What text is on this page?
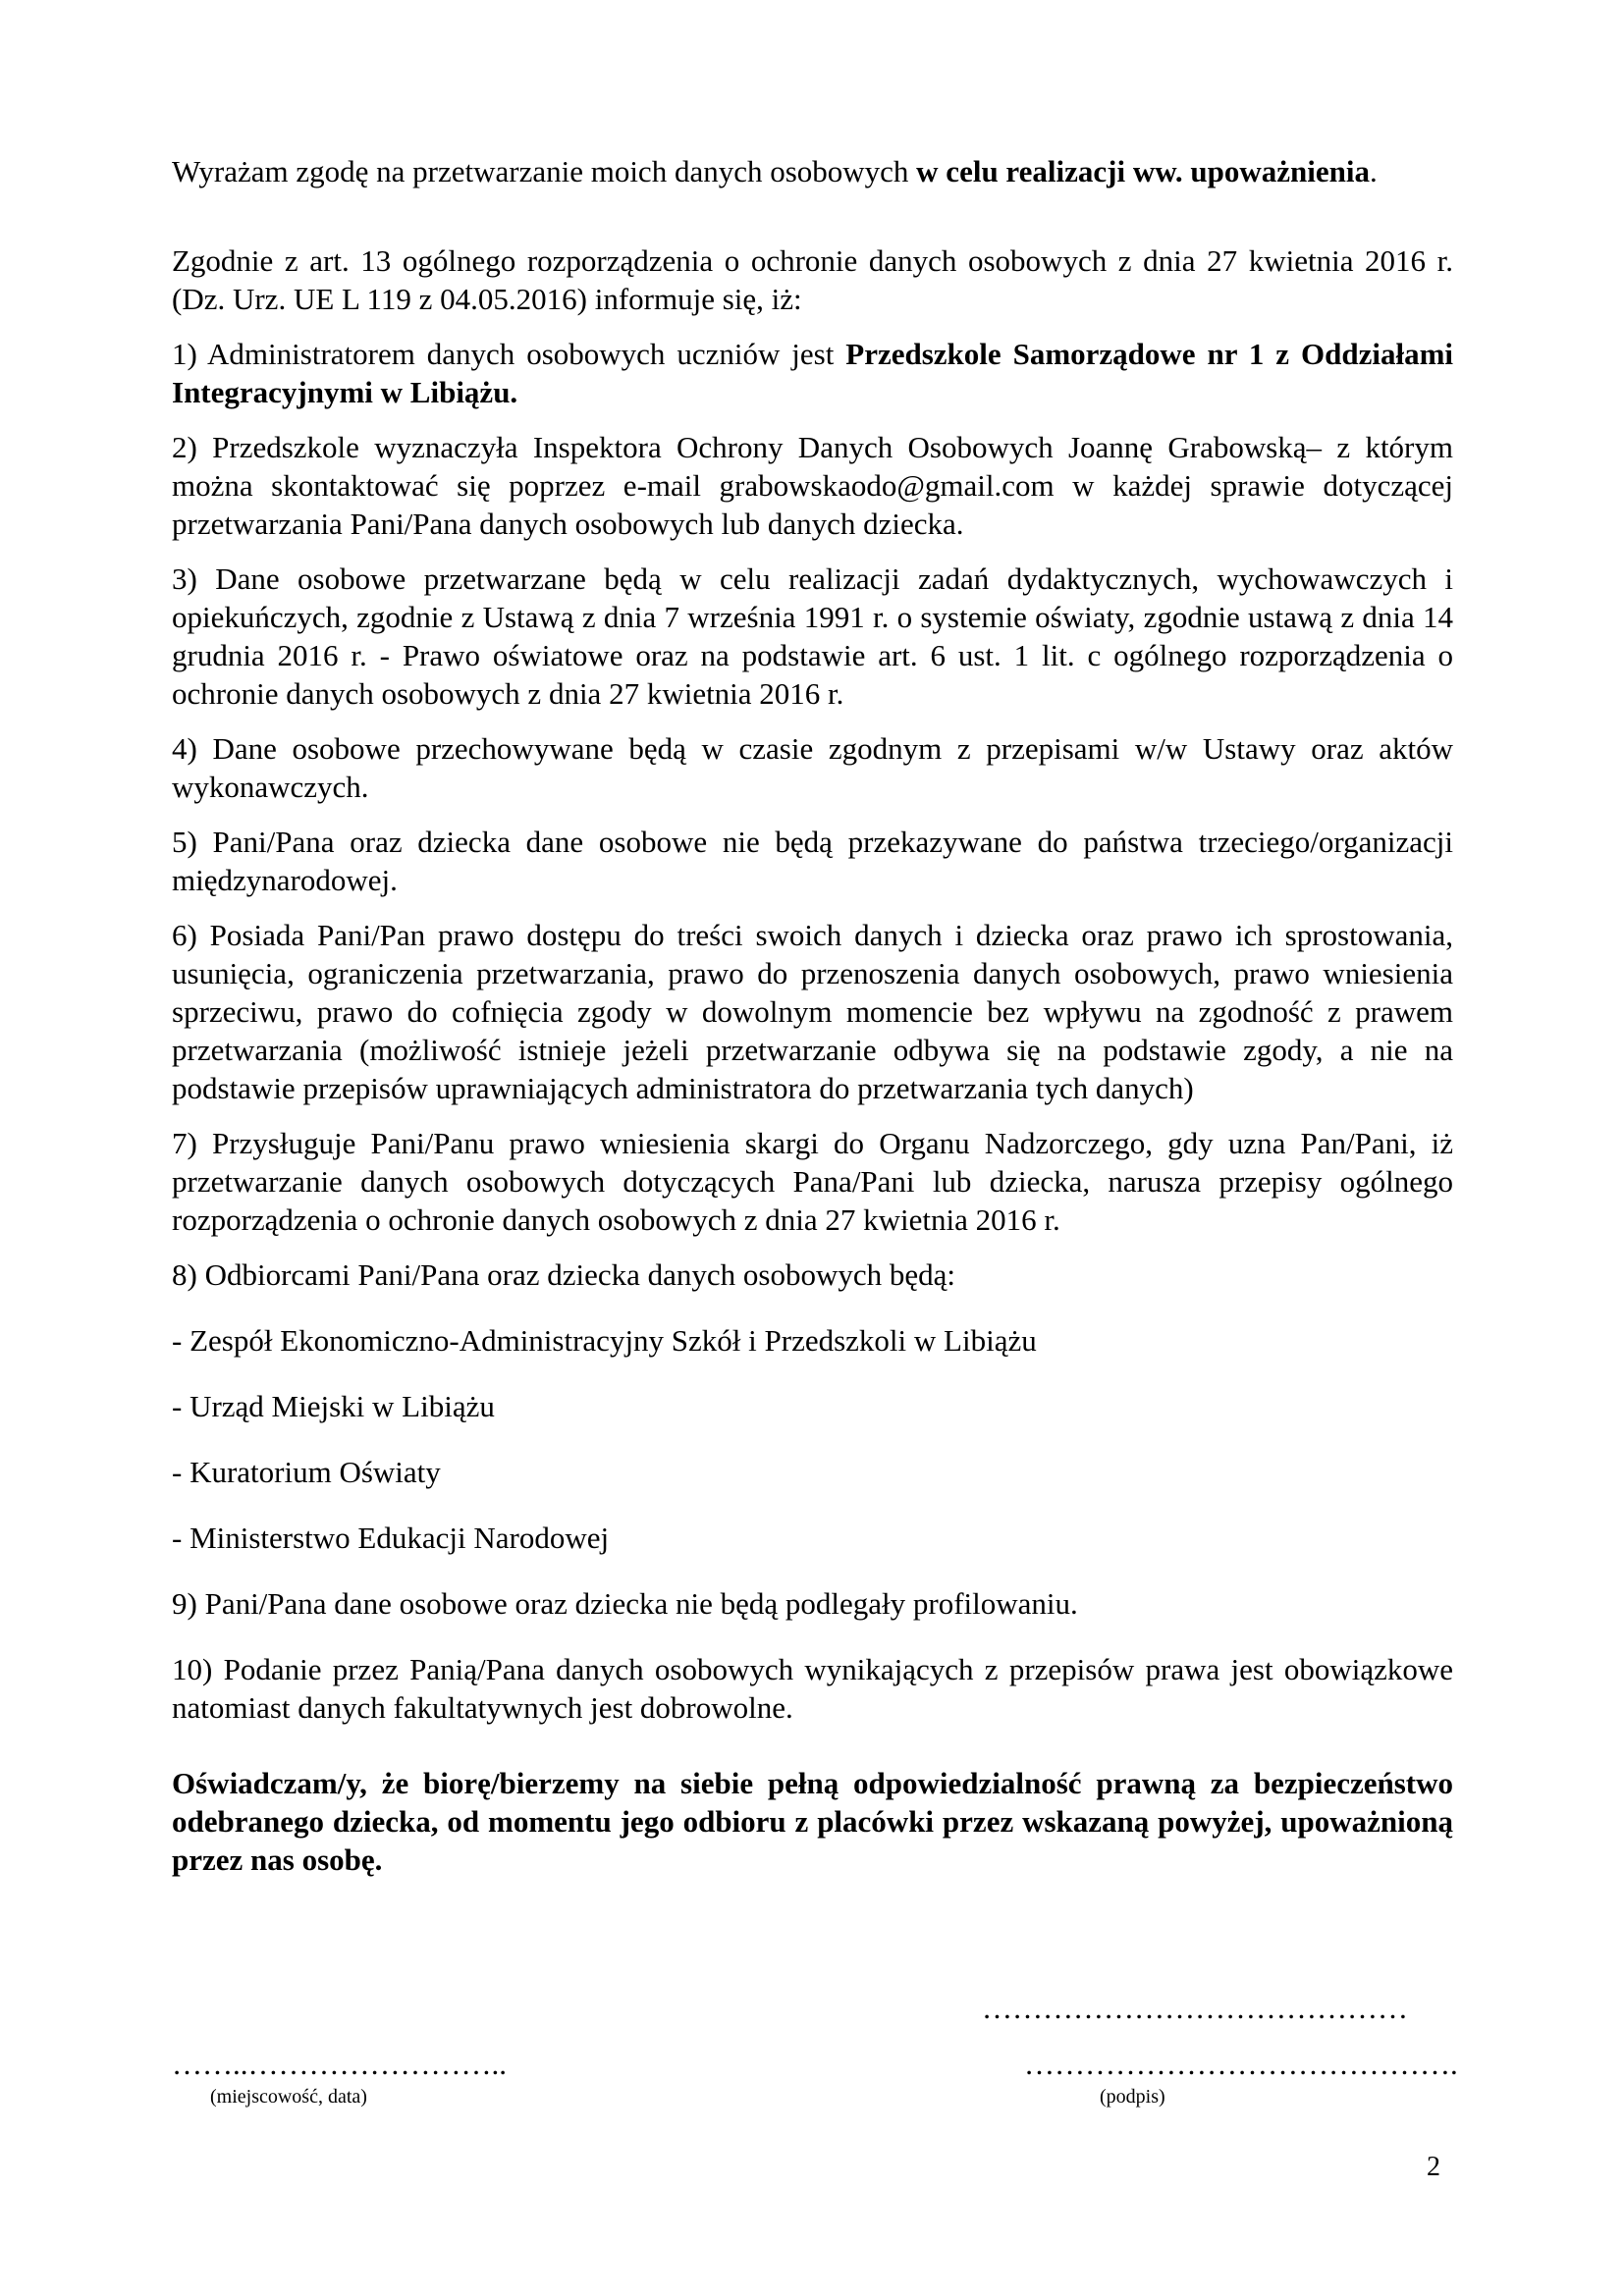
Wyrażam zgodę na przetwarzanie moich danych osobowych w celu realizacji ww. upoważnienia.

Zgodnie z art. 13 ogólnego rozporządzenia o ochronie danych osobowych z dnia 27 kwietnia 2016 r. (Dz. Urz. UE L 119 z 04.05.2016) informuje się, iż:

1) Administratorem danych osobowych uczniów jest Przedszkole Samorządowe nr 1 z Oddziałami Integracyjnymi w Libiążu.

2) Przedszkole wyznaczyła Inspektora Ochrony Danych Osobowych Joannę Grabowską– z którym można skontaktować się poprzez e-mail grabowskaodo@gmail.com w każdej sprawie dotyczącej przetwarzania Pani/Pana danych osobowych lub danych dziecka.

3) Dane osobowe przetwarzane będą w celu realizacji zadań dydaktycznych, wychowawczych i opiekuńczych, zgodnie z Ustawą z dnia 7 września 1991 r. o systemie oświaty, zgodnie ustawą z dnia 14 grudnia 2016 r. - Prawo oświatowe oraz na podstawie art. 6 ust. 1 lit. c ogólnego rozporządzenia o ochronie danych osobowych z dnia 27 kwietnia 2016 r.

4) Dane osobowe przechowywane będą w czasie zgodnym z przepisami w/w Ustawy oraz aktów wykonawczych.

5) Pani/Pana oraz dziecka dane osobowe nie będą przekazywane do państwa trzeciego/organizacji międzynarodowej.

6) Posiada Pani/Pan prawo dostępu do treści swoich danych i dziecka oraz prawo ich sprostowania, usunięcia, ograniczenia przetwarzania, prawo do przenoszenia danych osobowych, prawo wniesienia sprzeciwu, prawo do cofnięcia zgody w dowolnym momencie bez wpływu na zgodność z prawem przetwarzania (możliwość istnieje jeżeli przetwarzanie odbywa się na podstawie zgody, a nie na podstawie przepisów uprawniających administratora do przetwarzania tych danych)

7) Przysługuje Pani/Panu prawo wniesienia skargi do Organu Nadzorczego, gdy uzna Pan/Pani, iż przetwarzanie danych osobowych dotyczących Pana/Pani lub dziecka, narusza przepisy ogólnego rozporządzenia o ochronie danych osobowych z dnia 27 kwietnia 2016 r.

8) Odbiorcami Pani/Pana oraz dziecka danych osobowych będą:

- Zespół Ekonomiczno-Administracyjny Szkół i Przedszkoli w Libiążu

- Urząd Miejski w Libiążu

- Kuratorium Oświaty

- Ministerstwo Edukacji Narodowej

9) Pani/Pana dane osobowe oraz dziecka nie będą podlegały profilowaniu.

10) Podanie przez Panią/Pana danych osobowych wynikających z przepisów prawa jest obowiązkowe natomiast danych fakultatywnych jest dobrowolne.

Oświadczam/y, że biorę/bierzemy na siebie pełną odpowiedzialność prawną za bezpieczeństwo odebranego dziecka, od momentu jego odbioru z placówki przez wskazaną powyżej, upoważnioną przez nas osobę.
……………………………………
……..……………………..	…………………………………….
(miejscowość, data)	(podpis)
2
